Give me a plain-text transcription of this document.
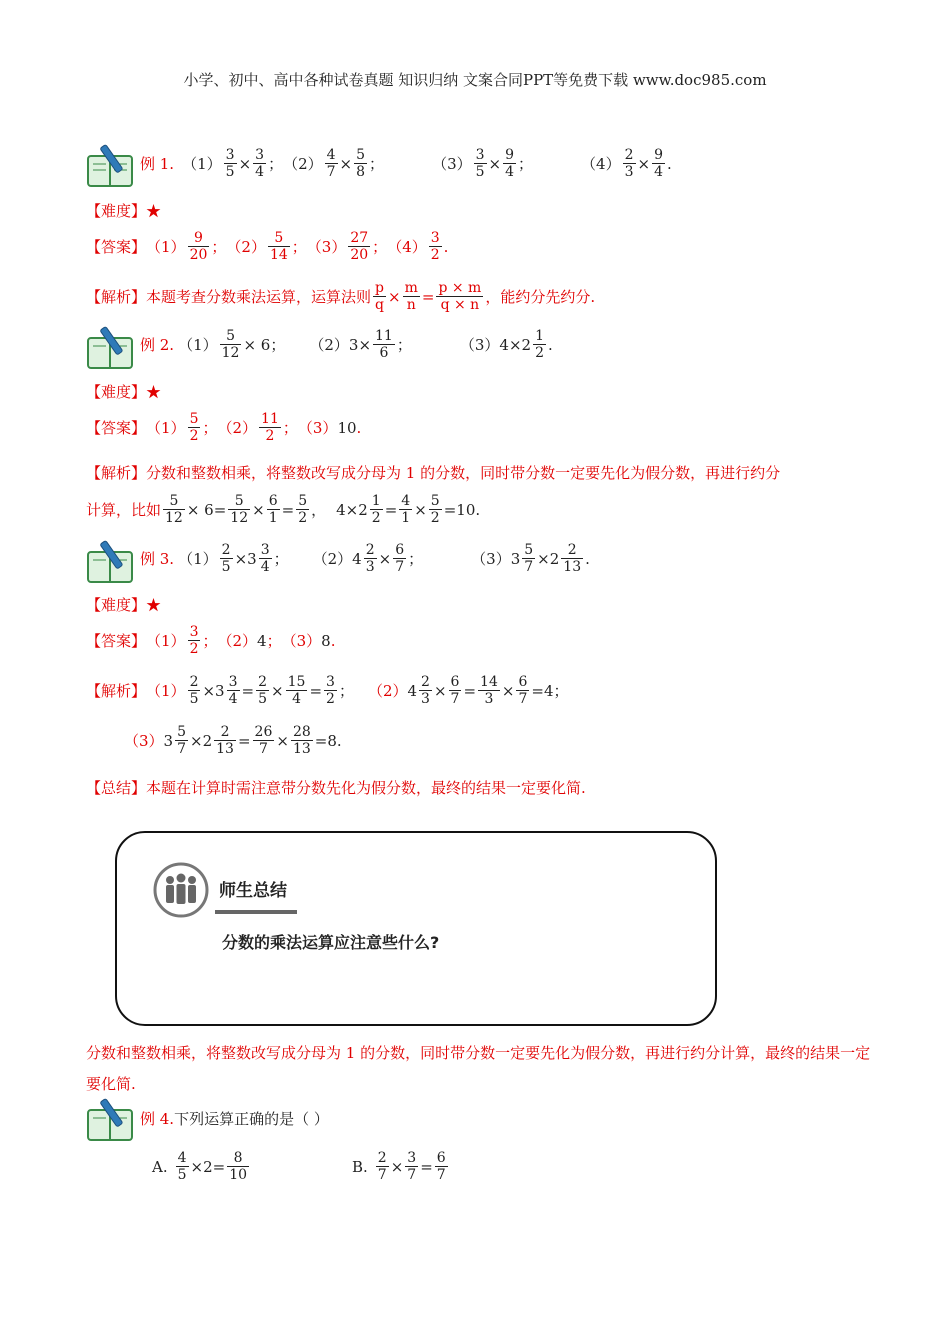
小学、初中、高中各种试卷真题 知识归纳 文案合同PPT等免费下载 www.doc985.com
例 1. $(1) \frac{3}{5} \times \frac{3}{4}$ ； $(2) \frac{4}{7} \times \frac{5}{8}$ ；	$(3) \frac{3}{5} \times \frac{9}{4}$ ；	$(4) \frac{2}{3} \times \frac{9}{4}$ .
【难度】★
【答案】 $(1) \frac{9}{20}$ ； $(2) \frac{5}{14}$ ； $(3) \frac{27}{20}$ ； $(4) \frac{3}{2}$ .
【解析】 本题考查分数乘法运算，运算法则 $\frac{p}{q} \times \frac{m}{n} = \frac{p \times m}{q \times n}$ ，能约分先约分.
例 2. $(1) \frac{5}{12} \times 6$；
$(2)3\times \frac{11}{6}$ ；	$(3)4\times 2 \frac{1}{2}$ .
【难度】★
【答案】 $(1) \frac{5}{2}$ ； $(2) \frac{11}{2}$ ； （3） 10 .
【解析】分数和整数相乘，将整数改写成分母为 1 的分数，同时带分数一定要先化为假分数，再进行约分
计算，比如 $\frac{5}{12} \times 6= \frac{5}{12} \times \frac{6}{1} = \frac{5}{2}$ ， $4\times 2 \frac{1}{2} = \frac{4}{1} \times \frac{5}{2} =10$ .
例 3. $(1) \frac{2}{5} \times 3 \frac{3}{4}$ ；
$(2)4 \frac{2}{3} \times \frac{6}{7}$ ；	$(3)3 \frac{5}{7} \times 2 \frac{2}{13}$ .
【难度】★
【答案】 $(1) \frac{3}{2}$ ； （2） 4 ； （3） 8 .
【解析】 $(1) \frac{2}{5} \times 3 \frac{3}{4} = \frac{2}{5} \times \frac{15}{4} = \frac{3}{2}$ ； （2） $4 \frac{2}{3} \times \frac{6}{7} = \frac{14}{3} \times \frac{6}{7} =4$；
（3） $3 \frac{5}{7} \times 2 \frac{2}{13} = \frac{26}{7} \times \frac{28}{13} =8$.
【总结】本题在计算时需注意带分数先化为假分数，最终的结果一定要化简.
师生总结
分数的乘法运算应注意些什么?
分数和整数相乘，将整数改写成分母为 1 的分数，同时带分数一定要先化为假分数，再进行约分计算，最终的结果一定要化简.
例 4.下列运算正确的是（ ）
A. $\frac{4}{5} \times 2= \frac{8}{10}$	B. $\frac{2}{7} \times \frac{3}{7} = \frac{6}{7}$
